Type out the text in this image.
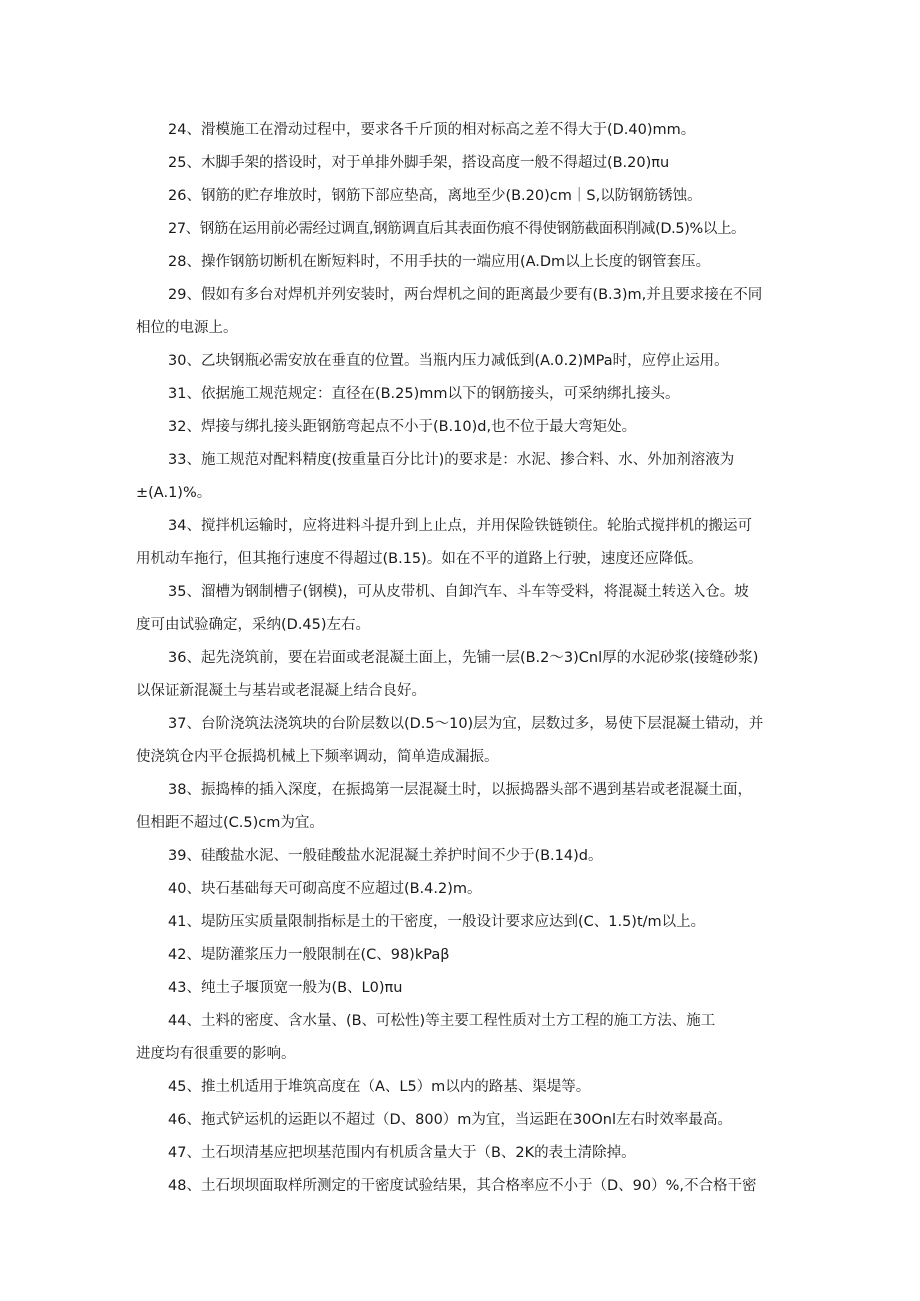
24、滑模施工在滑动过程中，要求各千斤顶的相对标高之差不得大于(D.40)mm。
25、木脚手架的搭设时，对于单排外脚手架，搭设高度一般不得超过(B.20)πu
26、钢筋的贮存堆放时，钢筋下部应垫高，离地至少(B.20)cm｜S,以防钢筋锈蚀。
27、钢筋在运用前必需经过调直,钢筋调直后其表面伤痕不得使钢筋截面积削减(D.5)%以上。
28、操作钢筋切断机在断短料时，不用手扶的一端应用(A.Dm以上长度的钢管套压。
29、假如有多台对焊机并列安装时，两台焊机之间的距离最少要有(B.3)m,并且要求接在不同
相位的电源上。
30、乙块钢瓶必需安放在垂直的位置。当瓶内压力减低到(A.0.2)MPa时，应停止运用。
31、依据施工规范规定：直径在(B.25)mm以下的钢筋接头，可采纳绑扎接头。
32、焊接与绑扎接头距钢筋弯起点不小于(B.10)d,也不位于最大弯矩处。
33、施工规范对配料精度(按重量百分比计)的要求是：水泥、掺合料、水、外加剂溶液为
±(A.1)%。
34、搅拌机运输时，应将进料斗提升到上止点，并用保险铁链锁住。轮胎式搅拌机的搬运可
用机动车拖行，但其拖行速度不得超过(B.15)。如在不平的道路上行驶，速度还应降低。
35、溜槽为钢制槽子(钢模)，可从皮带机、自卸汽车、斗车等受料，将混凝土转送入仓。坡
度可由试验确定，采纳(D.45)左右。
36、起先浇筑前，要在岩面或老混凝土面上，先铺一层(B.2〜3)Cnl厚的水泥砂浆(接缝砂浆)
以保证新混凝土与基岩或老混凝上结合良好。
37、台阶浇筑法浇筑块的台阶层数以(D.5〜10)层为宜，层数过多，易使下层混凝土错动，并
使浇筑仓内平仓振捣机械上下频率调动，简单造成漏振。
38、振捣棒的插入深度，在振捣第一层混凝土时，以振捣器头部不遇到基岩或老混凝土面，
但相距不超过(C.5)cm为宜。
39、硅酸盐水泥、一般硅酸盐水泥混凝土养护时间不少于(B.14)d。
40、块石基础每天可砌高度不应超过(B.4.2)m。
41、堤防压实质量限制指标是土的干密度，一般设计要求应达到(C、1.5)t/m以上。
42、堤防灌浆压力一般限制在(C、98)kPaβ
43、纯土子堰顶宽一般为(B、L0)πu
44、土料的密度、含水量、(B、可松性)等主要工程性质对土方工程的施工方法、施工
进度均有很重要的影响。
45、推土机适用于堆筑高度在（A、L5）m以内的路基、渠堤等。
46、拖式铲运机的运距以不超过（D、800）m为宜，当运距在30Onl左右时效率最高。
47、土石坝清基应把坝基范围内有机质含量大于（B、2K的表土清除掉。
48、土石坝坝面取样所测定的干密度试验结果，其合格率应不小于（D、90）%,不合格干密
